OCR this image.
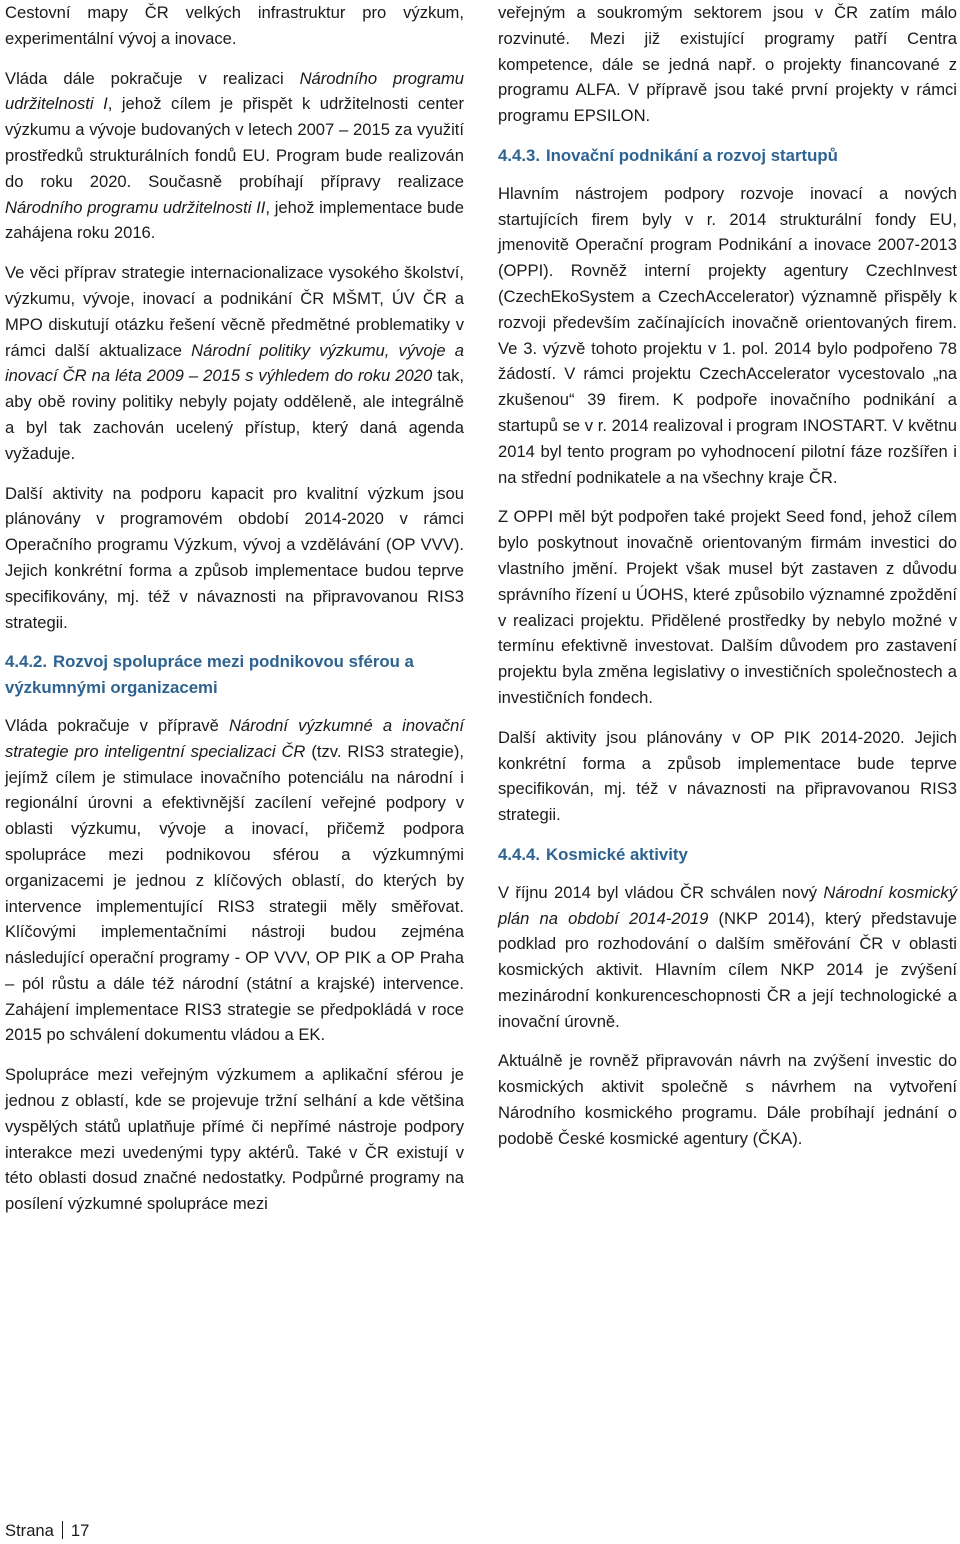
Cestovní mapy ČR velkých infrastruktur pro výzkum, experimentální vývoj a inovace.

Vláda dále pokračuje v realizaci Národního programu udržitelnosti I, jehož cílem je přispět k udržitelnosti center výzkumu a vývoje budovaných v letech 2007 – 2015 za využití prostředků strukturálních fondů EU. Program bude realizován do roku 2020. Současně probíhají přípravy realizace Národního programu udržitelnosti II, jehož implementace bude zahájena roku 2016.

Ve věci příprav strategie internacionalizace vysokého školství, výzkumu, vývoje, inovací a podnikání ČR MŠMT, ÚV ČR a MPO diskutují otázku řešení věcně předmětné problematiky v rámci další aktualizace Národní politiky výzkumu, vývoje a inovací ČR na léta 2009 – 2015 s výhledem do roku 2020 tak, aby obě roviny politiky nebyly pojaty odděleně, ale integrálně a byl tak zachován ucelený přístup, který daná agenda vyžaduje.

Další aktivity na podporu kapacit pro kvalitní výzkum jsou plánovány v programovém období 2014-2020 v rámci Operačního programu Výzkum, vývoj a vzdělávání (OP VVV). Jejich konkrétní forma a způsob implementace budou teprve specifikovány, mj. též v návaznosti na připravovanou RIS3 strategii.

4.4.2. Rozvoj spolupráce mezi podnikovou sférou a výzkumnými organizacemi

Vláda pokračuje v přípravě Národní výzkumné a inovační strategie pro inteligentní specializaci ČR (tzv. RIS3 strategie), jejímž cílem je stimulace inovačního potenciálu na národní i regionální úrovni a efektivnější zacílení veřejné podpory v oblasti výzkumu, vývoje a inovací, přičemž podpora spolupráce mezi podnikovou sférou a výzkumnými organizacemi je jednou z klíčových oblastí, do kterých by intervence implementující RIS3 strategii měly směřovat. Klíčovými implementačními nástroji budou zejména následující operační programy - OP VVV, OP PIK a OP Praha – pól růstu a dále též národní (státní a krajské) intervence. Zahájení implementace RIS3 strategie se předpokládá v roce 2015 po schválení dokumentu vládou a EK.

Spolupráce mezi veřejným výzkumem a aplikační sférou je jednou z oblastí, kde se projevuje tržní selhání a kde většina vyspělých států uplatňuje přímé či nepřímé nástroje podpory interakce mezi uvedenými typy aktérů. Také v ČR existují v této oblasti dosud značné nedostatky. Podpůrné programy na posílení výzkumné spolupráce mezi

veřejným a soukromým sektorem jsou v ČR zatím málo rozvinuté. Mezi již existující programy patří Centra kompetence, dále se jedná např. o projekty financované z programu ALFA. V přípravě jsou také první projekty v rámci programu EPSILON.

4.4.3. Inovační podnikání a rozvoj startupů

Hlavním nástrojem podpory rozvoje inovací a nových startujících firem byly v r. 2014 strukturální fondy EU, jmenovitě Operační program Podnikání a inovace 2007-2013 (OPPI). Rovněž interní projekty agentury CzechInvest (CzechEkoSystem a CzechAccelerator) významně přispěly k rozvoji především začínajících inovačně orientovaných firem. Ve 3. výzvě tohoto projektu v 1. pol. 2014 bylo podpořeno 78 žádostí. V rámci projektu CzechAccelerator vycestovalo „na zkušenou“ 39 firem. K podpoře inovačního podnikání a startupů se v r. 2014 realizoval i program INOSTART. V květnu 2014 byl tento program po vyhodnocení pilotní fáze rozšířen i na střední podnikatele a na všechny kraje ČR.

Z OPPI měl být podpořen také projekt Seed fond, jehož cílem bylo poskytnout inovačně orientovaným firmám investici do vlastního jmění. Projekt však musel být zastaven z důvodu správního řízení u ÚOHS, které způsobilo významné zpoždění v realizaci projektu. Přidělené prostředky by nebylo možné v termínu efektivně investovat. Dalším důvodem pro zastavení projektu byla změna legislativy o investičních společnostech a investičních fondech.

Další aktivity jsou plánovány v OP PIK 2014-2020. Jejich konkrétní forma a způsob implementace bude teprve specifikován, mj. též v návaznosti na připravovanou RIS3 strategii.

4.4.4. Kosmické aktivity

V říjnu 2014 byl vládou ČR schválen nový Národní kosmický plán na období 2014-2019 (NKP 2014), který představuje podklad pro rozhodování o dalším směřování ČR v oblasti kosmických aktivit. Hlavním cílem NKP 2014 je zvýšení mezinárodní konkurenceschopnosti ČR a její technologické a inovační úrovně.

Aktuálně je rovněž připravován návrh na zvýšení investic do kosmických aktivit společně s návrhem na vytvoření Národního kosmického programu. Dále probíhají jednání o podobě České kosmické agentury (ČKA).

Strana 17
